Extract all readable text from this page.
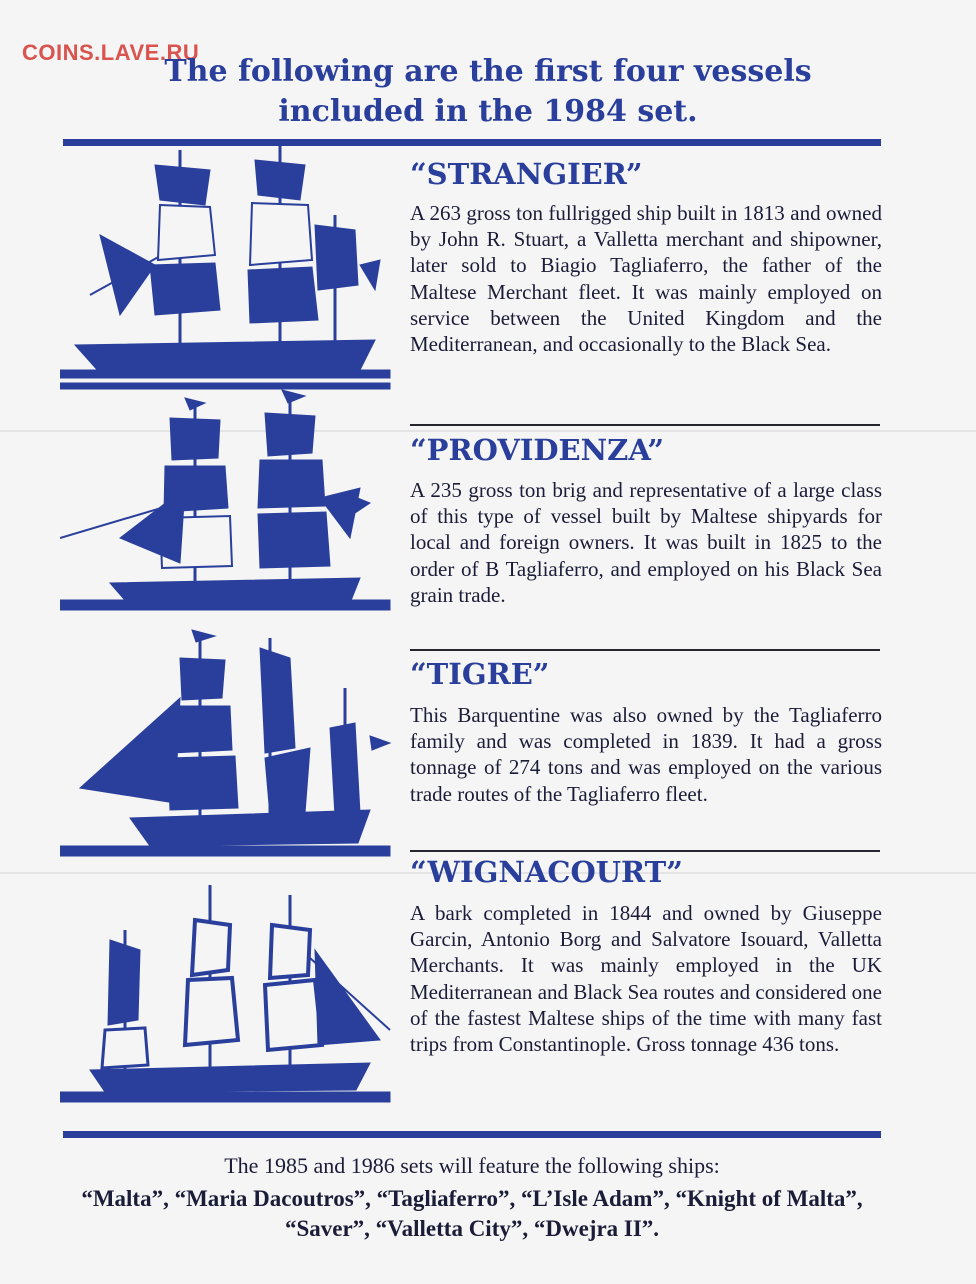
COINS.LAVE.RU
The following are the first four vessels
included in the 1984 set.
“STRANGIER”
A 263 gross ton fullrigged ship built in 1813 and owned by John R. Stuart, a Valletta merchant and shipowner, later sold to Biagio Tagliaferro, the father of the Maltese Merchant fleet. It was mainly employed on service between the United Kingdom and the Mediterranean, and occasionally to the Black Sea.
“PROVIDENZA”
A 235 gross ton brig and representative of a large class of this type of vessel built by Maltese shipyards for local and foreign owners. It was built in 1825 to the order of B Tagliaferro, and employed on his Black Sea grain trade.
“TIGRE”
This Barquentine was also owned by the Tagliaferro family and was completed in 1839. It had a gross tonnage of 274 tons and was employed on the various trade routes of the Tagliaferro fleet.
“WIGNACOURT”
A bark completed in 1844 and owned by Giuseppe Garcin, Antonio Borg and Salvatore Isouard, Valletta Merchants. It was mainly employed in the UK Mediterranean and Black Sea routes and considered one of the fastest Maltese ships of the time with many fast trips from Constantinople. Gross tonnage 436 tons.
The 1985 and 1986 sets will feature the following ships:
“Malta”, “Maria Dacoutros”, “Tagliaferro”, “L’Isle Adam”, “Knight of Malta”,
“Saver”, “Valletta City”, “Dwejra II”.
